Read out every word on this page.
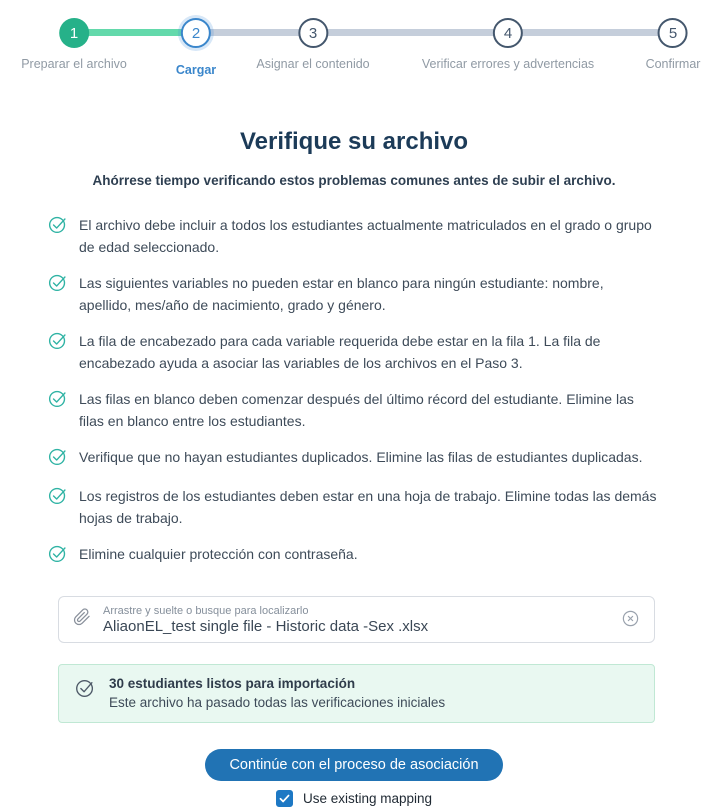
1
Preparar el archivo
2
Cargar
3
Asignar el contenido
4
Verificar errores y advertencias
5
Confirmar
Verifique su archivo
Ahórrese tiempo verificando estos problemas comunes antes de subir el archivo.
El archivo debe incluir a todos los estudiantes actualmente matriculados en el grado o grupo de edad seleccionado.
Las siguientes variables no pueden estar en blanco para ningún estudiante: nombre, apellido, mes/año de nacimiento, grado y género.
La fila de encabezado para cada variable requerida debe estar en la fila 1. La fila de encabezado ayuda a asociar las variables de los archivos en el Paso 3.
Las filas en blanco deben comenzar después del último récord del estudiante. Elimine las filas en blanco entre los estudiantes.
Verifique que no hayan estudiantes duplicados. Elimine las filas de estudiantes duplicadas.
Los registros de los estudiantes deben estar en una hoja de trabajo. Elimine todas las demás hojas de trabajo.
Elimine cualquier protección con contraseña.
Arrastre y suelte o busque para localizarlo
AliaonEL_test single file - Historic data -Sex .xlsx
30 estudiantes listos para importación
Este archivo ha pasado todas las verificaciones iniciales
Continúe con el proceso de asociación
Use existing mapping
